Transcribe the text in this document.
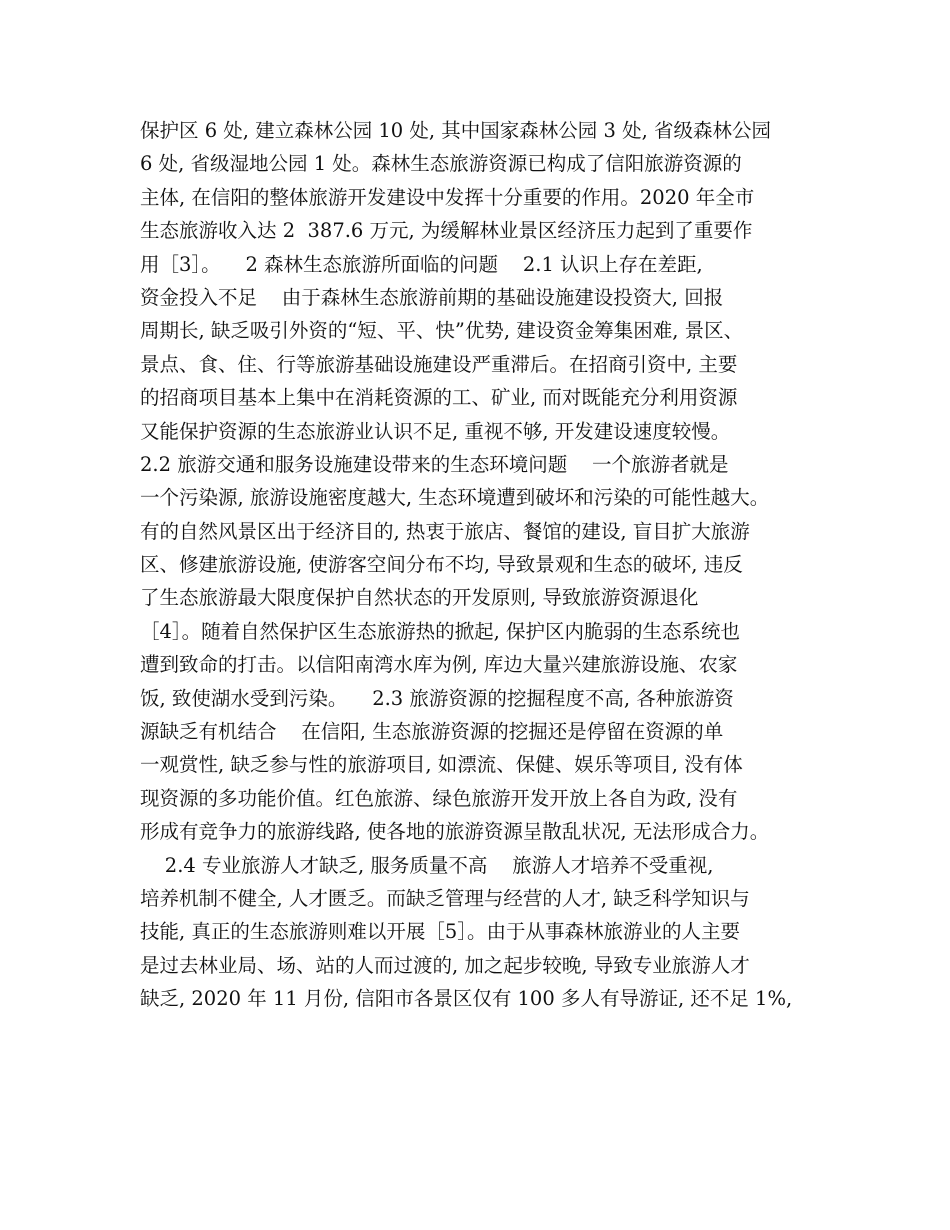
保护区 6 处, 建立森林公园 10 处, 其中国家森林公园 3 处, 省级森林公园
6 处, 省级湿地公园 1 处。森林生态旅游资源已构成了信阳旅游资源的
主体, 在信阳的整体旅游开发建设中发挥十分重要的作用。2020 年全市
生态旅游收入达 2  387.6 万元, 为缓解林业景区经济压力起到了重要作
用［3］。    2 森林生态旅游所面临的问题    2.1 认识上存在差距,
资金投入不足    由于森林生态旅游前期的基础设施建设投资大, 回报
周期长, 缺乏吸引外资的“短、平、快”优势, 建设资金筹集困难, 景区、
景点、食、住、行等旅游基础设施建设严重滞后。在招商引资中, 主要
的招商项目基本上集中在消耗资源的工、矿业, 而对既能充分利用资源
又能保护资源的生态旅游业认识不足, 重视不够, 开发建设速度较慢。
2.2 旅游交通和服务设施建设带来的生态环境问题    一个旅游者就是
一个污染源, 旅游设施密度越大, 生态环境遭到破坏和污染的可能性越大。
有的自然风景区出于经济目的, 热衷于旅店、餐馆的建设, 盲目扩大旅游
区、修建旅游设施, 使游客空间分布不均, 导致景观和生态的破坏, 违反
了生态旅游最大限度保护自然状态的开发原则, 导致旅游资源退化
［4］。随着自然保护区生态旅游热的掀起, 保护区内脆弱的生态系统也
遭到致命的打击。以信阳南湾水库为例, 库边大量兴建旅游设施、农家
饭, 致使湖水受到污染。    2.3 旅游资源的挖掘程度不高, 各种旅游资
源缺乏有机结合    在信阳, 生态旅游资源的挖掘还是停留在资源的单
一观赏性, 缺乏参与性的旅游项目, 如漂流、保健、娱乐等项目, 没有体
现资源的多功能价值。红色旅游、绿色旅游开发开放上各自为政, 没有
形成有竞争力的旅游线路, 使各地的旅游资源呈散乱状况, 无法形成合力。
2.4 专业旅游人才缺乏, 服务质量不高    旅游人才培养不受重视,
培养机制不健全, 人才匮乏。而缺乏管理与经营的人才, 缺乏科学知识与
技能, 真正的生态旅游则难以开展［5］。由于从事森林旅游业的人主要
是过去林业局、场、站的人而过渡的, 加之起步较晚, 导致专业旅游人才
缺乏, 2020 年 11 月份, 信阳市各景区仅有 100 多人有导游证, 还不足 1%,
